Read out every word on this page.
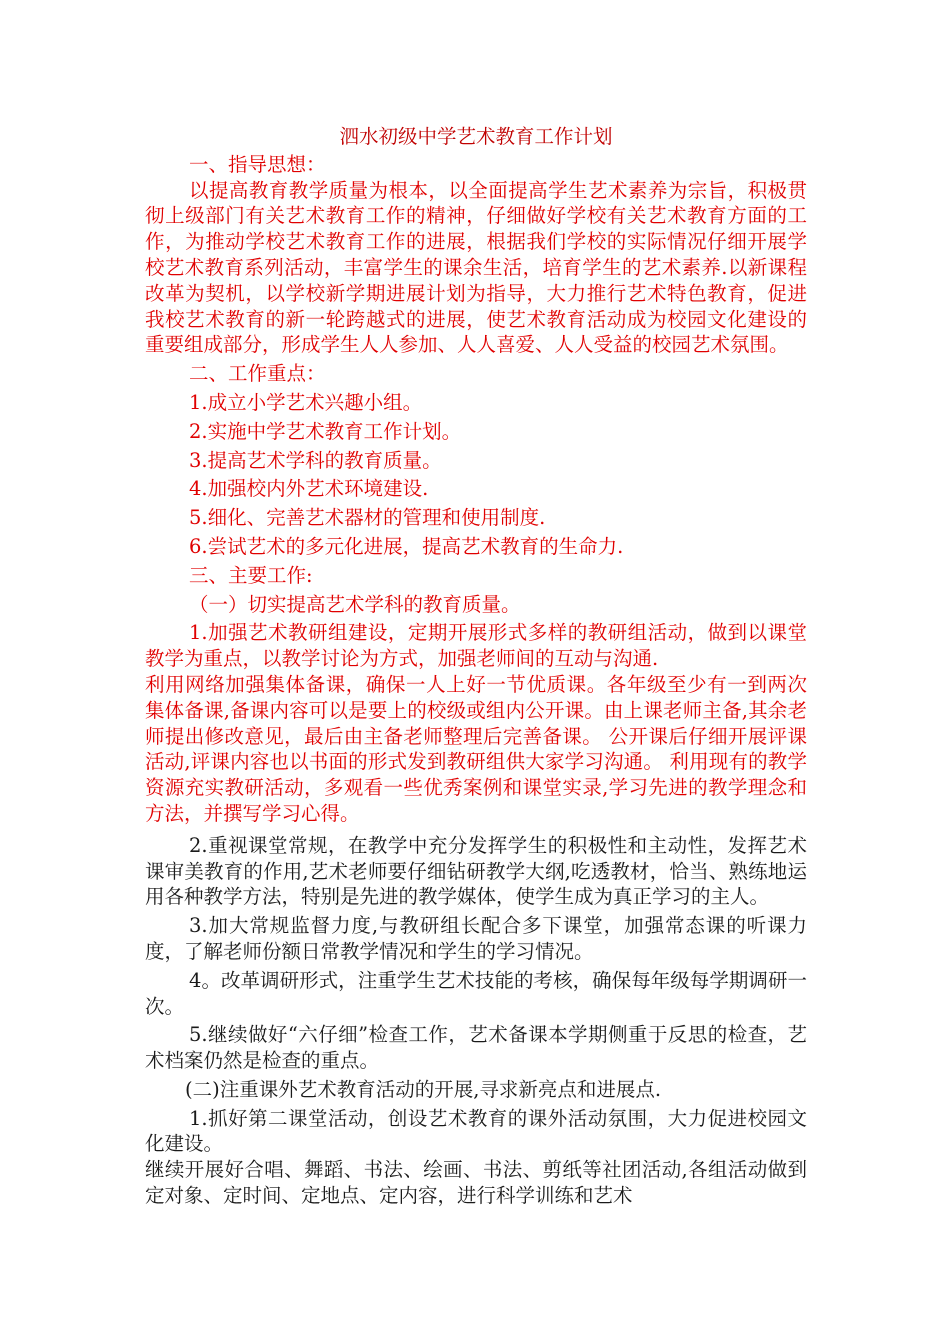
泗水初级中学艺术教育工作计划

一、指导思想：

以提高教育教学质量为根本，以全面提高学生艺术素养为宗旨，积极贯彻上级部门有关艺术教育工作的精神，仔细做好学校有关艺术教育方面的工作，为推动学校艺术教育工作的进展，根据我们学校的实际情况仔细开展学校艺术教育系列活动，丰富学生的课余生活，培育学生的艺术素养.以新课程改革为契机，以学校新学期进展计划为指导，大力推行艺术特色教育，促进我校艺术教育的新一轮跨越式的进展，使艺术教育活动成为校园文化建设的重要组成部分，形成学生人人参加、人人喜爱、人人受益的校园艺术氛围。

二、工作重点：

1.成立小学艺术兴趣小组。

2.实施中学艺术教育工作计划。

3.提高艺术学科的教育质量。

4.加强校内外艺术环境建设.

5.细化、完善艺术器材的管理和使用制度.

6.尝试艺术的多元化进展，提高艺术教育的生命力.

三、主要工作:

（一）切实提高艺术学科的教育质量。

1.加强艺术教研组建设，定期开展形式多样的教研组活动，做到以课堂教学为重点，以教学讨论为方式，加强老师间的互动与沟通.

利用网络加强集体备课，确保一人上好一节优质课。各年级至少有一到两次集体备课,备课内容可以是要上的校级或组内公开课。由上课老师主备,其余老师提出修改意见，最后由主备老师整理后完善备课。 公开课后仔细开展评课活动,评课内容也以书面的形式发到教研组供大家学习沟通。 利用现有的教学资源充实教研活动，多观看一些优秀案例和课堂实录,学习先进的教学理念和方法，并撰写学习心得。

2.重视课堂常规，在教学中充分发挥学生的积极性和主动性，发挥艺术课审美教育的作用,艺术老师要仔细钻研教学大纲,吃透教材，恰当、熟练地运用各种教学方法，特别是先进的教学媒体，使学生成为真正学习的主人。

3.加大常规监督力度,与教研组长配合多下课堂，加强常态课的听课力度，了解老师份额日常教学情况和学生的学习情况。

4。改革调研形式，注重学生艺术技能的考核，确保每年级每学期调研一次。

5.继续做好“六仔细”检查工作，艺术备课本学期侧重于反思的检查，艺术档案仍然是检查的重点。

(二)注重课外艺术教育活动的开展,寻求新亮点和进展点.

1.抓好第二课堂活动，创设艺术教育的课外活动氛围，大力促进校园文化建设。

继续开展好合唱、舞蹈、书法、绘画、书法、剪纸等社团活动,各组活动做到定对象、定时间、定地点、定内容，进行科学训练和艺术
